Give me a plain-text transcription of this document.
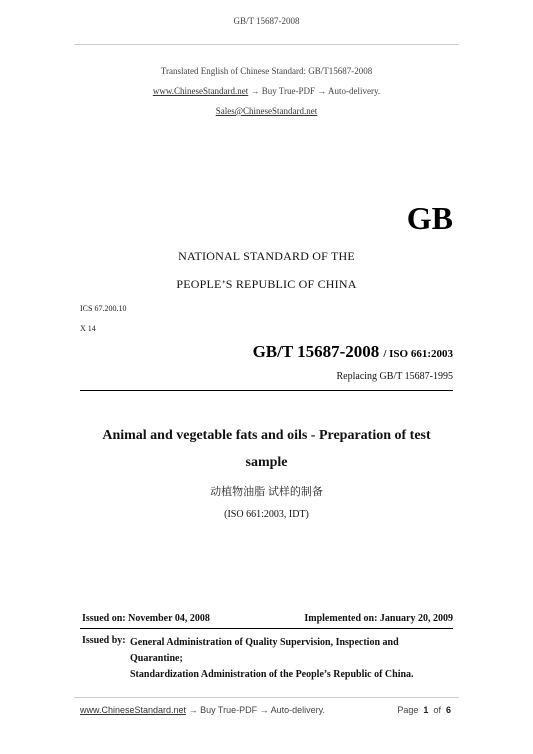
GB/T 15687-2008
Translated English of Chinese Standard: GB/T15687-2008
www.ChineseStandard.net → Buy True-PDF → Auto-delivery.
Sales@ChineseStandard.net
GB
NATIONAL STANDARD OF THE
PEOPLE’S REPUBLIC OF CHINA
ICS 67.200.10
X 14
GB/T 15687-2008 / ISO 661:2003
Replacing GB/T 15687-1995
Animal and vegetable fats and oils - Preparation of test
sample
动植物油脂 试样的制备
(ISO 661:2003, IDT)
Issued on: November 04, 2008	Implemented on: January 20, 2009
Issued by: General Administration of Quality Supervision, Inspection and
Quarantine;
Standardization Administration of the People’s Republic of China.
www.ChineseStandard.net → Buy True-PDF → Auto-delivery.	Page 1 of 6
